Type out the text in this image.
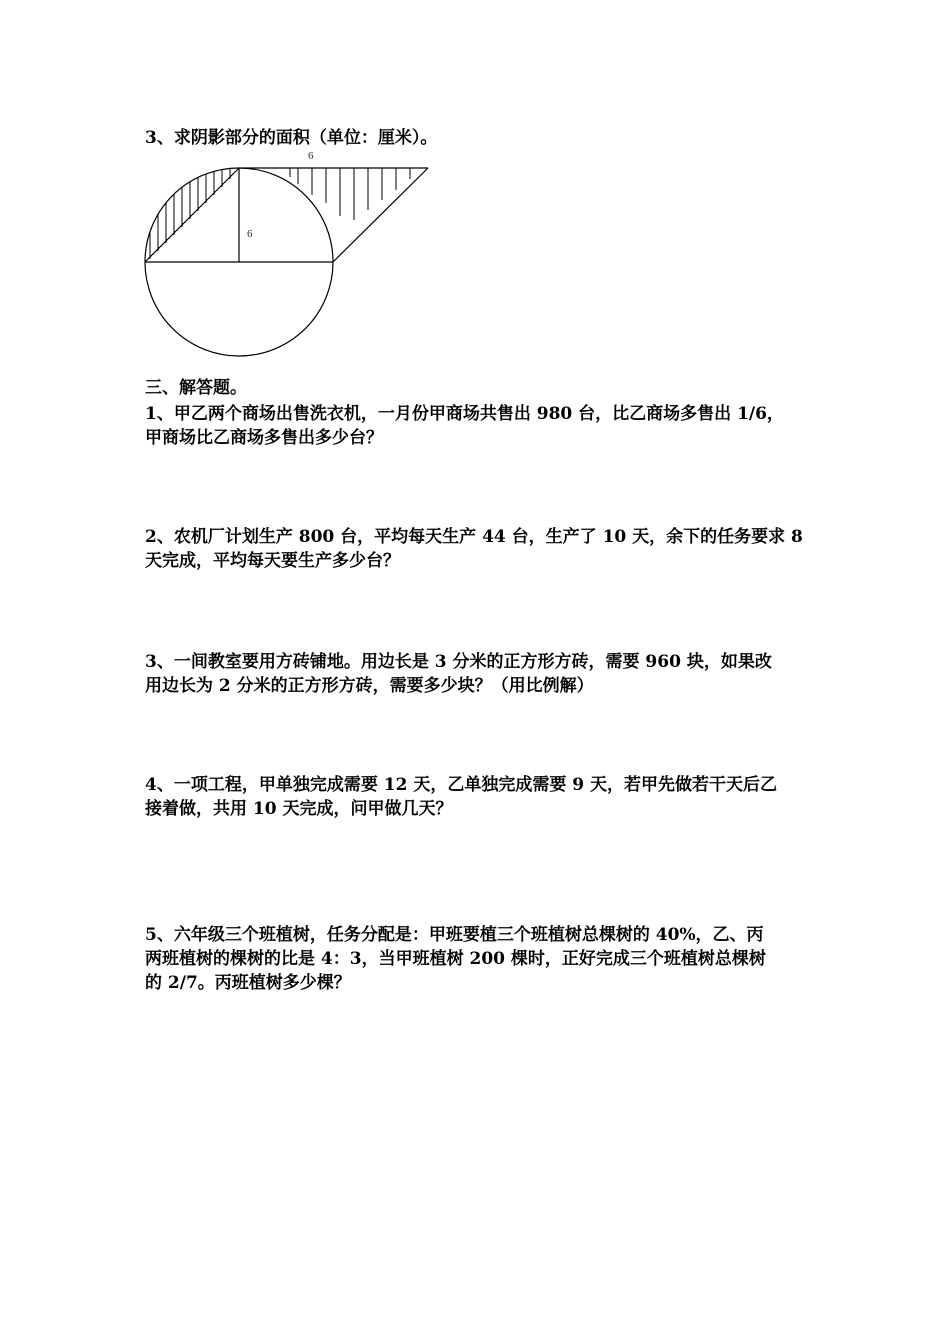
3、求阴影部分的面积（单位：厘米）。
6
6
三、解答题。
1、甲乙两个商场出售洗衣机，一月份甲商场共售出 980 台，比乙商场多售出 1/6，
甲商场比乙商场多售出多少台？
2、农机厂计划生产 800 台，平均每天生产 44 台，生产了 10 天，余下的任务要求 8
天完成，平均每天要生产多少台？
3、一间教室要用方砖铺地。用边长是 3 分米的正方形方砖，需要 960 块，如果改
用边长为 2 分米的正方形方砖，需要多少块？（用比例解）
4、一项工程，甲单独完成需要 12 天，乙单独完成需要 9 天，若甲先做若干天后乙
接着做，共用 10 天完成，问甲做几天？
5、六年级三个班植树，任务分配是：甲班要植三个班植树总棵树的 40%，乙、丙
两班植树的棵树的比是 4：3，当甲班植树 200 棵时，正好完成三个班植树总棵树
的 2/7。丙班植树多少棵？
